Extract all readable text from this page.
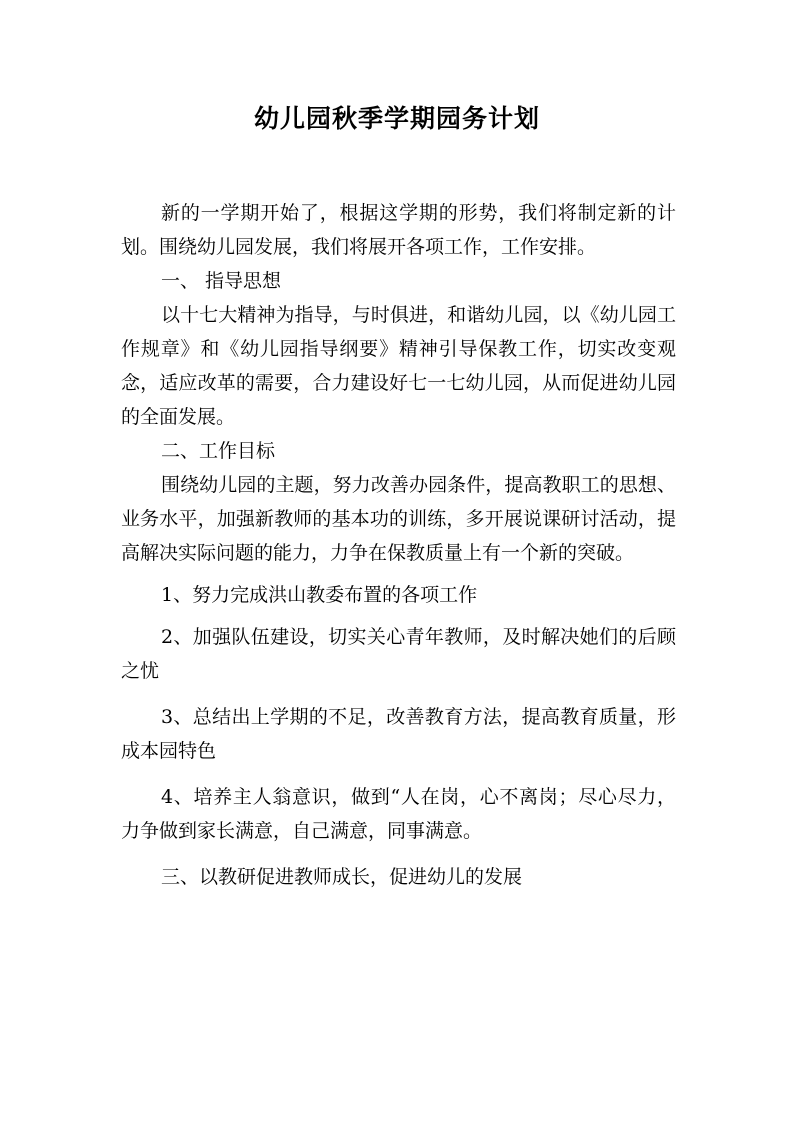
幼儿园秋季学期园务计划

新的一学期开始了，根据这学期的形势，我们将制定新的计划。围绕幼儿园发展，我们将展开各项工作，工作安排。

一、 指导思想

以十七大精神为指导，与时俱进，和谐幼儿园，以《幼儿园工作规章》和《幼儿园指导纲要》精神引导保教工作，切实改变观念，适应改革的需要，合力建设好七一七幼儿园，从而促进幼儿园的全面发展。

二、工作目标

围绕幼儿园的主题，努力改善办园条件，提高教职工的思想、业务水平，加强新教师的基本功的训练，多开展说课研讨活动，提高解决实际问题的能力，力争在保教质量上有一个新的突破。

1、努力完成洪山教委布置的各项工作

2、加强队伍建设，切实关心青年教师，及时解决她们的后顾之忧

3、总结出上学期的不足，改善教育方法，提高教育质量，形成本园特色

4、培养主人翁意识，做到“人在岗，心不离岗；尽心尽力，力争做到家长满意，自己满意，同事满意。

三、以教研促进教师成长，促进幼儿的发展
